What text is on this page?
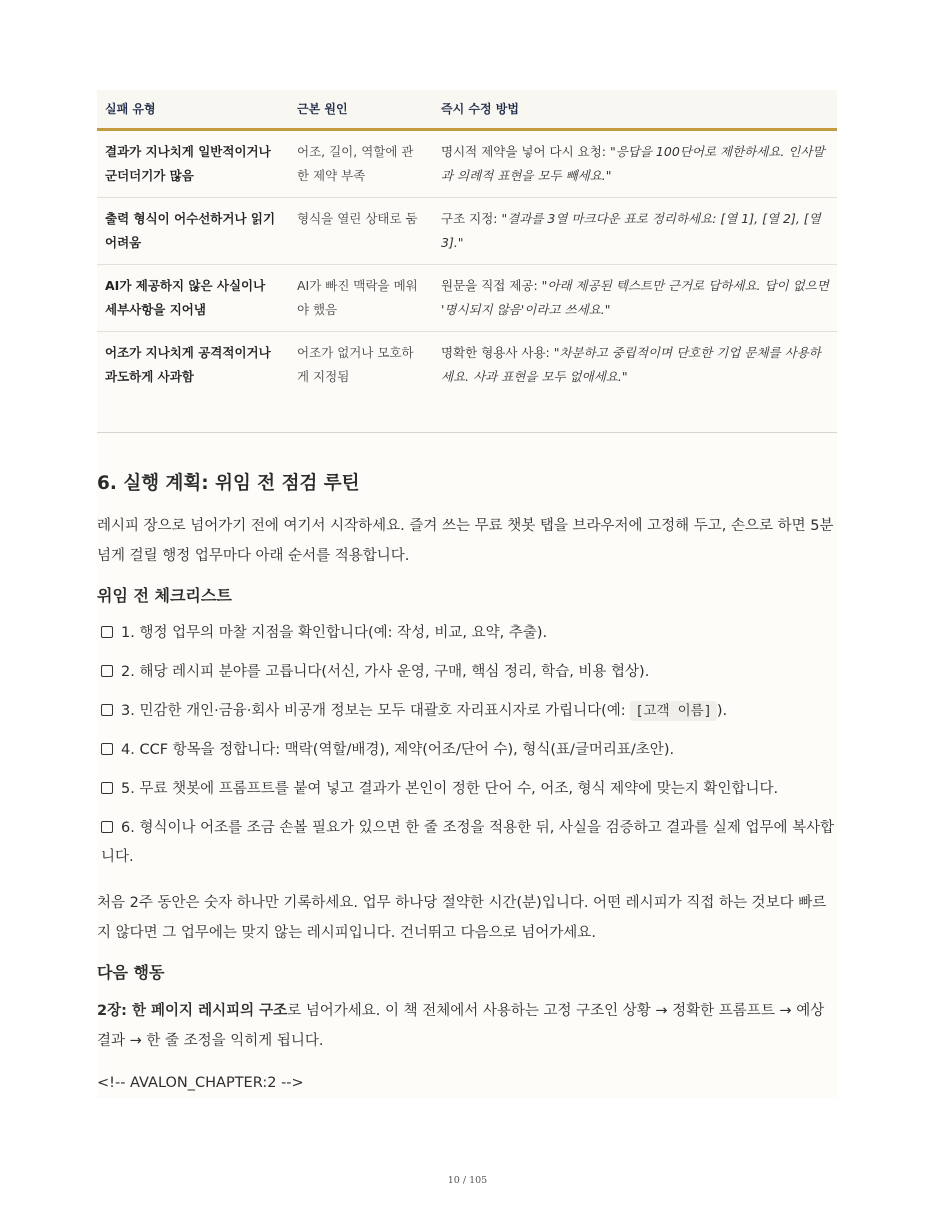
실패 유형	근본 원인	즉시 수정 방법
결과가 지나치게 일반적이거나 군더더기가 많음	어조, 길이, 역할에 관한 제약 부족	명시적 제약을 넣어 다시 요청: "응답을 100단어로 제한하세요. 인사말과 의례적 표현을 모두 빼세요."
출력 형식이 어수선하거나 읽기 어려움	형식을 열린 상태로 둠	구조 지정: "결과를 3열 마크다운 표로 정리하세요: [열 1], [열 2], [열 3]."
AI가 제공하지 않은 사실이나 세부사항을 지어냄	AI가 빠진 맥락을 메워야 했음	원문을 직접 제공: "아래 제공된 텍스트만 근거로 답하세요. 답이 없으면 '명시되지 않음'이라고 쓰세요."
어조가 지나치게 공격적이거나 과도하게 사과함	어조가 없거나 모호하게 지정됨	명확한 형용사 사용: "차분하고 중립적이며 단호한 기업 문체를 사용하세요. 사과 표현을 모두 없애세요."

6. 실행 계획: 위임 전 점검 루틴

레시피 장으로 넘어가기 전에 여기서 시작하세요. 즐겨 쓰는 무료 챗봇 탭을 브라우저에 고정해 두고, 손으로 하면 5분 넘게 걸릴 행정 업무마다 아래 순서를 적용합니다.

위임 전 체크리스트
1. 행정 업무의 마찰 지점을 확인합니다(예: 작성, 비교, 요약, 추출).
2. 해당 레시피 분야를 고릅니다(서신, 가사 운영, 구매, 핵심 정리, 학습, 비용 협상).
3. 민감한 개인·금융·회사 비공개 정보는 모두 대괄호 자리표시자로 가립니다(예: [고객 이름] ).
4. CCF 항목을 정합니다: 맥락(역할/배경), 제약(어조/단어 수), 형식(표/글머리표/초안).
5. 무료 챗봇에 프롬프트를 붙여 넣고 결과가 본인이 정한 단어 수, 어조, 형식 제약에 맞는지 확인합니다.
6. 형식이나 어조를 조금 손볼 필요가 있으면 한 줄 조정을 적용한 뒤, 사실을 검증하고 결과를 실제 업무에 복사합니다.

처음 2주 동안은 숫자 하나만 기록하세요. 업무 하나당 절약한 시간(분)입니다. 어떤 레시피가 직접 하는 것보다 빠르지 않다면 그 업무에는 맞지 않는 레시피입니다. 건너뛰고 다음으로 넘어가세요.

다음 행동

2장: 한 페이지 레시피의 구조로 넘어가세요. 이 책 전체에서 사용하는 고정 구조인 상황 → 정확한 프롬프트 → 예상 결과 → 한 줄 조정을 익히게 됩니다.

<!-- AVALON_CHAPTER:2 -->

10 / 105
